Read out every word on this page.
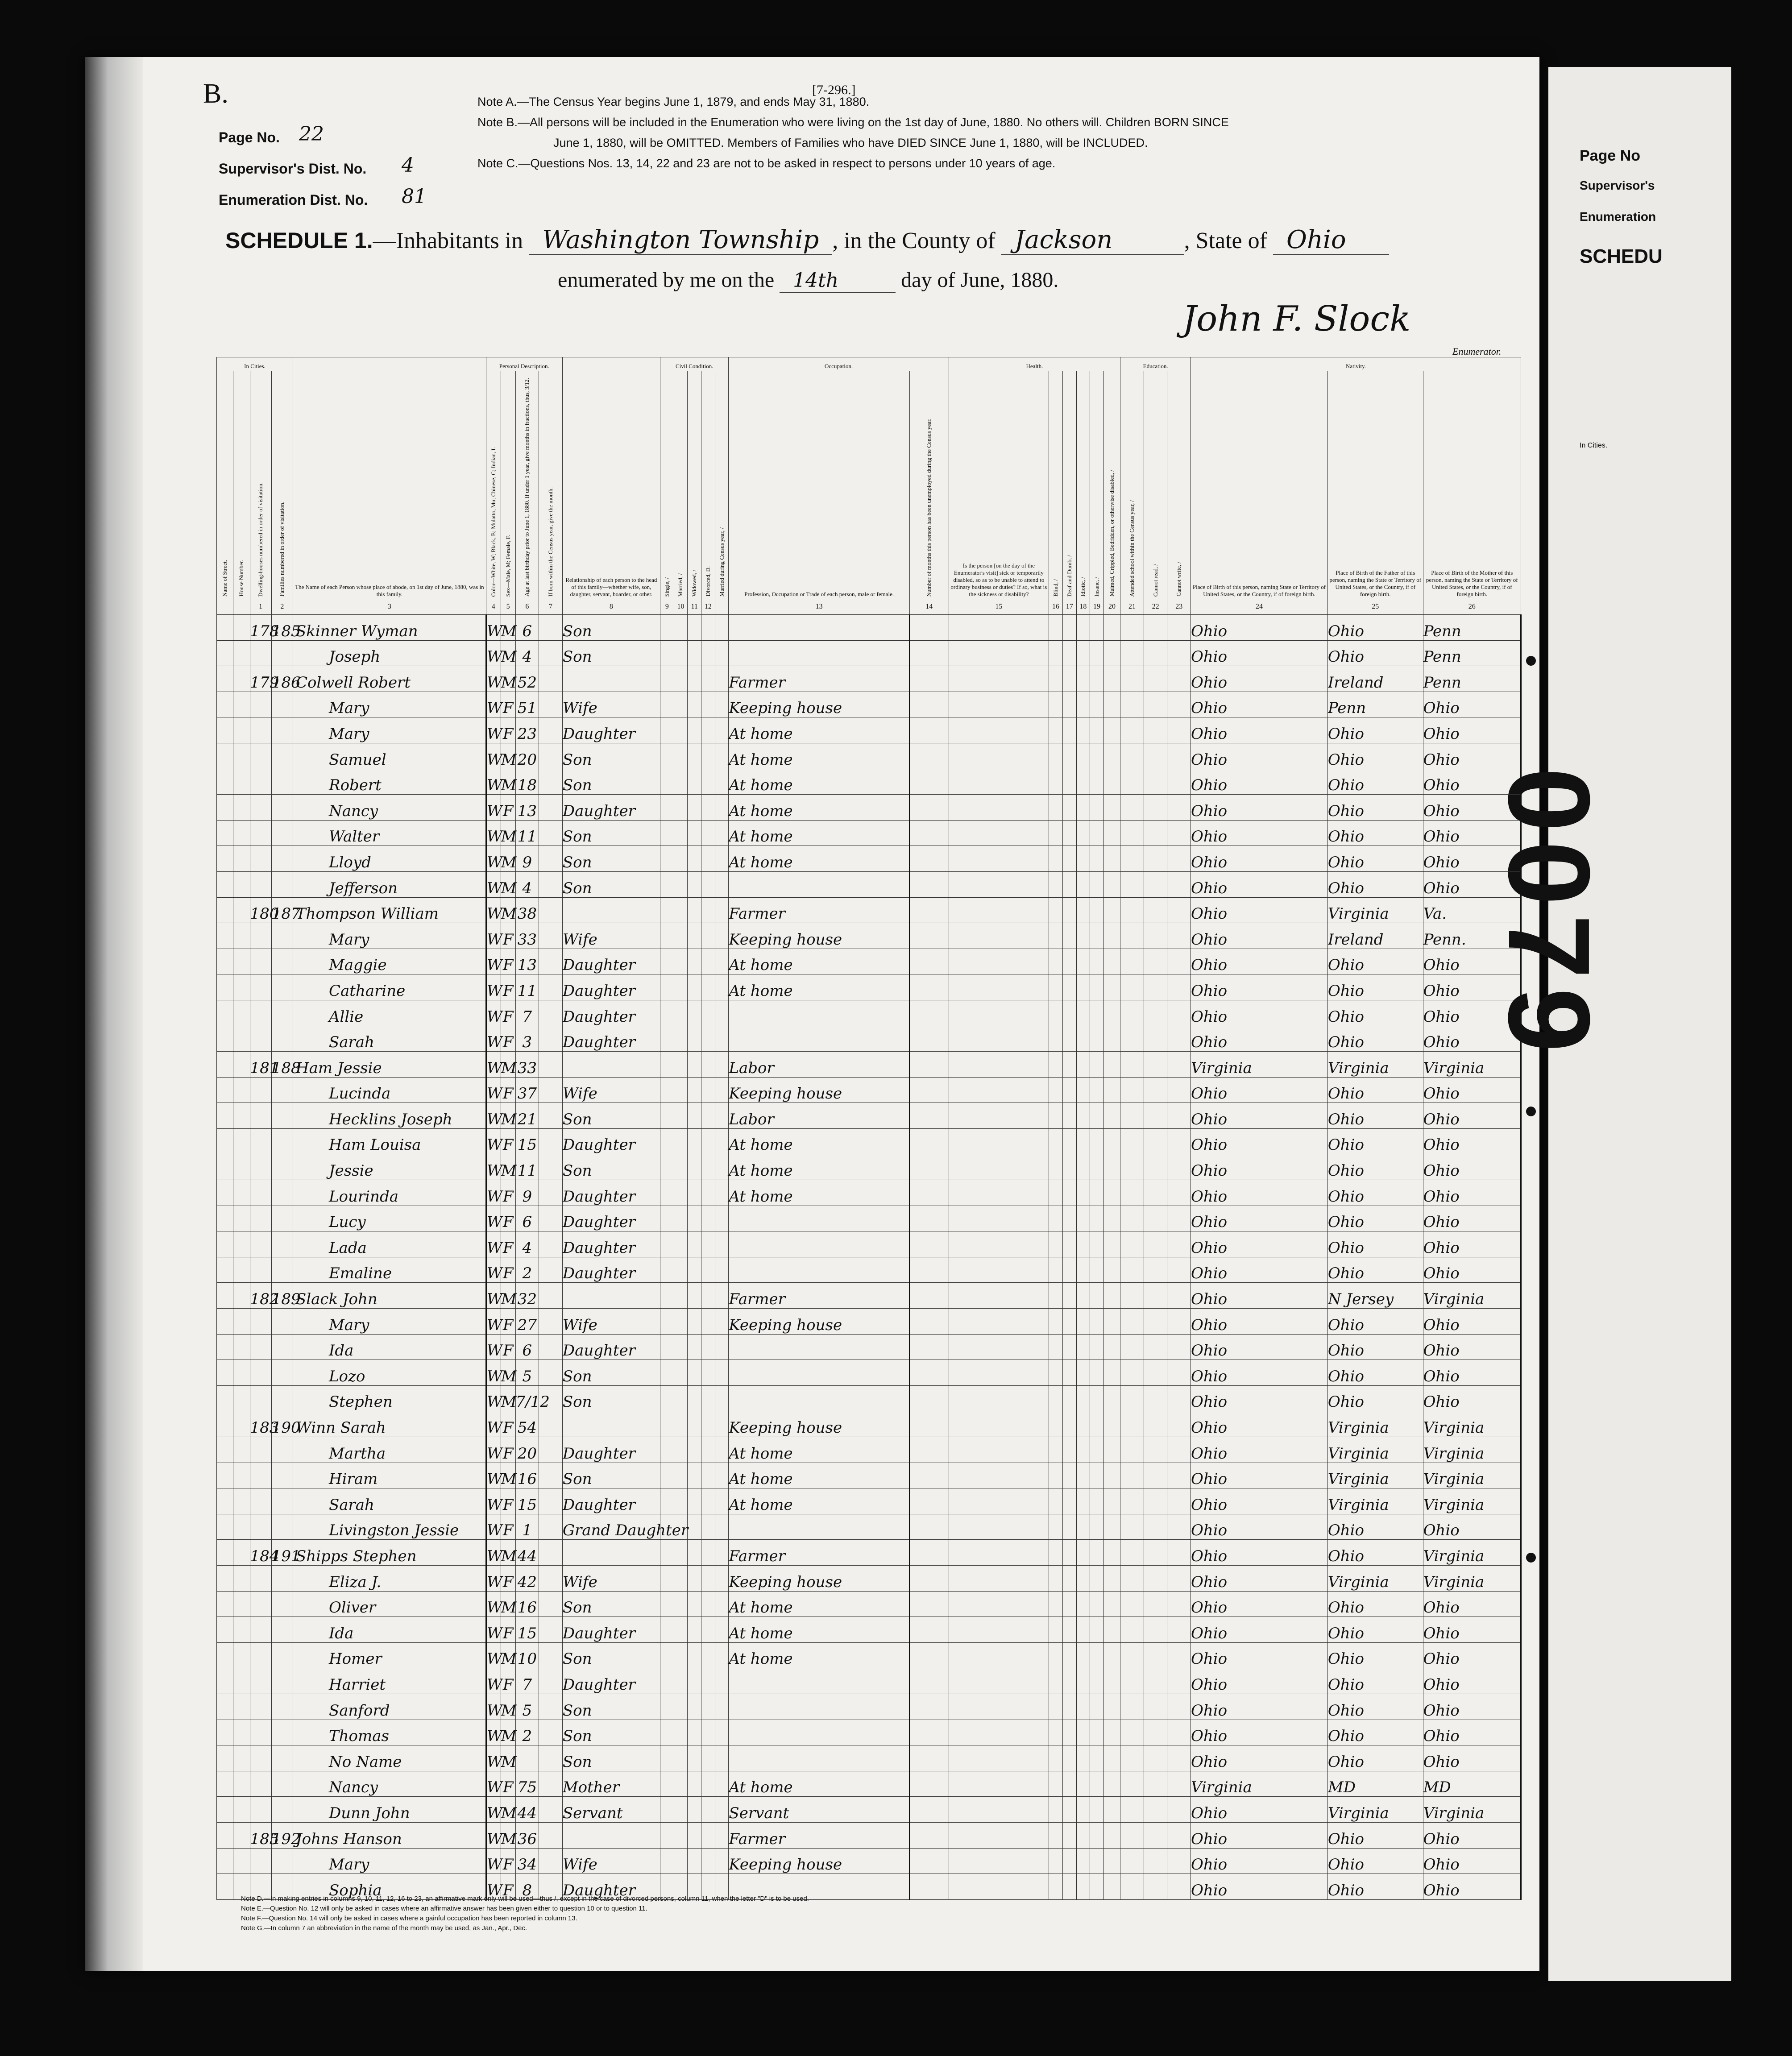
Page No
Supervisor's
Enumeration
SCHEDU
In Cities.
0079
B.	[7-296.]
Page No. 22
Supervisor's Dist. No. 4
Enumeration Dist. No. 81
Note A.—The Census Year begins June 1, 1879, and ends May 31, 1880.
Note B.—All persons will be included in the Enumeration who were living on the 1st day of June, 1880. No others will. Children BORN SINCE
June 1, 1880, will be OMITTED. Members of Families who have DIED SINCE June 1, 1880, will be INCLUDED.
Note C.—Questions Nos. 13, 14, 22 and 23 are not to be asked in respect to persons under 10 years of age.
SCHEDULE 1.—Inhabitants in Washington Township , in the County of Jackson	, State of Ohio
enumerated by me on the 14th	day of June, 1880.
John F. Slock
Enumerator.
In Cities.					Personal Description.					Civil Condition.					Occupation.		Health.						Education.			Nativity.		

Name of Street.	House Number.	Dwelling-houses numbered in order of visitation.	Families numbered in order of visitation.	The Name of each Person whose place of abode, on 1st day of June, 1880, was in this family.	Color—White, W; Black, B; Mulatto, Mu; Chinese, C; Indian, I.	Sex—Male, M; Female, F.	Age at last birthday prior to June 1, 1880. If under 1 year, give months in fractions, thus, 3/12.	If born within the Census year, give the month.	Relationship of each person to the head of this family—whether wife, son, daughter, servant, boarder, or other.	Single, /	Married, /	Widowed, /	Divorced, D.	Married during Census year, /	Profession, Occupation or Trade of each person, male or female.	Number of months this person has been unemployed during the Census year.	Is the person [on the day of the Enumerator's visit] sick or temporarily disabled, so as to be unable to attend to ordinary business or duties? If so, what is the sickness or disability?	Blind, /	Deaf and Dumb, /	Idiotic, /	Insane, /	Maimed, Crippled, Bedridden, or otherwise disabled, /	Attended school within the Census year, /	Cannot read, /	Cannot write, /	Place of Birth of this person, naming State or Territory of United States, or the Country, if of foreign birth.	Place of Birth of the Father of this person, naming the State or Territory of United States, or the Country, if of foreign birth.	Place of Birth of the Mother of this person, naming the State or Territory of United States, or the Country, if of foreign birth.

		1	2	3	4	5	6	7	8	9	10	11	12		13	14	15	16	17	18	19	20	21	22	23	24	25	26
		178	185	Skinner Wyman	W	M	6		Son																	Ohio	Ohio	Penn
				Joseph	W	M	4		Son																	Ohio	Ohio	Penn
		179	186	Colwell Robert	W	M	52								Farmer											Ohio	Ireland	Penn
				Mary	W	F	51		Wife						Keeping house											Ohio	Penn	Ohio
				Mary	W	F	23		Daughter						At home											Ohio	Ohio	Ohio
				Samuel	W	M	20		Son						At home											Ohio	Ohio	Ohio
				Robert	W	M	18		Son						At home											Ohio	Ohio	Ohio
				Nancy	W	F	13		Daughter						At home											Ohio	Ohio	Ohio
				Walter	W	M	11		Son						At home											Ohio	Ohio	Ohio
				Lloyd	W	M	9		Son						At home											Ohio	Ohio	Ohio
				Jefferson	W	M	4		Son																	Ohio	Ohio	Ohio
		180	187	Thompson William	W	M	38								Farmer											Ohio	Virginia	Va.
				Mary	W	F	33		Wife						Keeping house											Ohio	Ireland	Penn.
				Maggie	W	F	13		Daughter						At home											Ohio	Ohio	Ohio
				Catharine	W	F	11		Daughter						At home											Ohio	Ohio	Ohio
				Allie	W	F	7		Daughter																	Ohio	Ohio	Ohio
				Sarah	W	F	3		Daughter																	Ohio	Ohio	Ohio
		181	188	Ham Jessie	W	M	33								Labor											Virginia	Virginia	Virginia
				Lucinda	W	F	37		Wife						Keeping house											Ohio	Ohio	Ohio
				Hecklins Joseph	W	M	21		Son						Labor											Ohio	Ohio	Ohio
				Ham Louisa	W	F	15		Daughter						At home											Ohio	Ohio	Ohio
				Jessie	W	M	11		Son						At home											Ohio	Ohio	Ohio
				Lourinda	W	F	9		Daughter						At home											Ohio	Ohio	Ohio
				Lucy	W	F	6		Daughter																	Ohio	Ohio	Ohio
				Lada	W	F	4		Daughter																	Ohio	Ohio	Ohio
				Emaline	W	F	2		Daughter																	Ohio	Ohio	Ohio
		182	189	Slack John	W	M	32								Farmer											Ohio	N Jersey	Virginia
				Mary	W	F	27		Wife						Keeping house											Ohio	Ohio	Ohio
				Ida	W	F	6		Daughter																	Ohio	Ohio	Ohio
				Lozo	W	M	5		Son																	Ohio	Ohio	Ohio
				Stephen	W	M	7/12		Son																	Ohio	Ohio	Ohio
		183	190	Winn Sarah	W	F	54								Keeping house											Ohio	Virginia	Virginia
				Martha	W	F	20		Daughter						At home											Ohio	Virginia	Virginia
				Hiram	W	M	16		Son						At home											Ohio	Virginia	Virginia
				Sarah	W	F	15		Daughter						At home											Ohio	Virginia	Virginia
				Livingston Jessie	W	F	1		Grand Daughter																	Ohio	Ohio	Ohio
		184	191	Shipps Stephen	W	M	44								Farmer											Ohio	Ohio	Virginia
				Eliza J.	W	F	42		Wife						Keeping house											Ohio	Virginia	Virginia
				Oliver	W	M	16		Son						At home											Ohio	Ohio	Ohio
				Ida	W	F	15		Daughter						At home											Ohio	Ohio	Ohio
				Homer	W	M	10		Son						At home											Ohio	Ohio	Ohio
				Harriet	W	F	7		Daughter																	Ohio	Ohio	Ohio
				Sanford	W	M	5		Son																	Ohio	Ohio	Ohio
				Thomas	W	M	2		Son																	Ohio	Ohio	Ohio
				No Name	W	M			Son																	Ohio	Ohio	Ohio
				Nancy	W	F	75		Mother						At home											Virginia	MD	MD
				Dunn John	W	M	44		Servant						Servant											Ohio	Virginia	Virginia
		185	192	Johns Hanson	W	M	36								Farmer											Ohio	Ohio	Ohio
				Mary	W	F	34		Wife						Keeping house											Ohio	Ohio	Ohio
				Sophia	W	F	8		Daughter																	Ohio	Ohio	Ohio
Note D.—In making entries in columns 9, 10, 11, 12, 16 to 23, an affirmative mark only will be used—thus /, except in the case of divorced persons, column 11, when the letter "D" is to be used.
Note E.—Question No. 12 will only be asked in cases where an affirmative answer has been given either to question 10 or to question 11.
Note F.—Question No. 14 will only be asked in cases where a gainful occupation has been reported in column 13.
Note G.—In column 7 an abbreviation in the name of the month may be used, as Jan., Apr., Dec.
